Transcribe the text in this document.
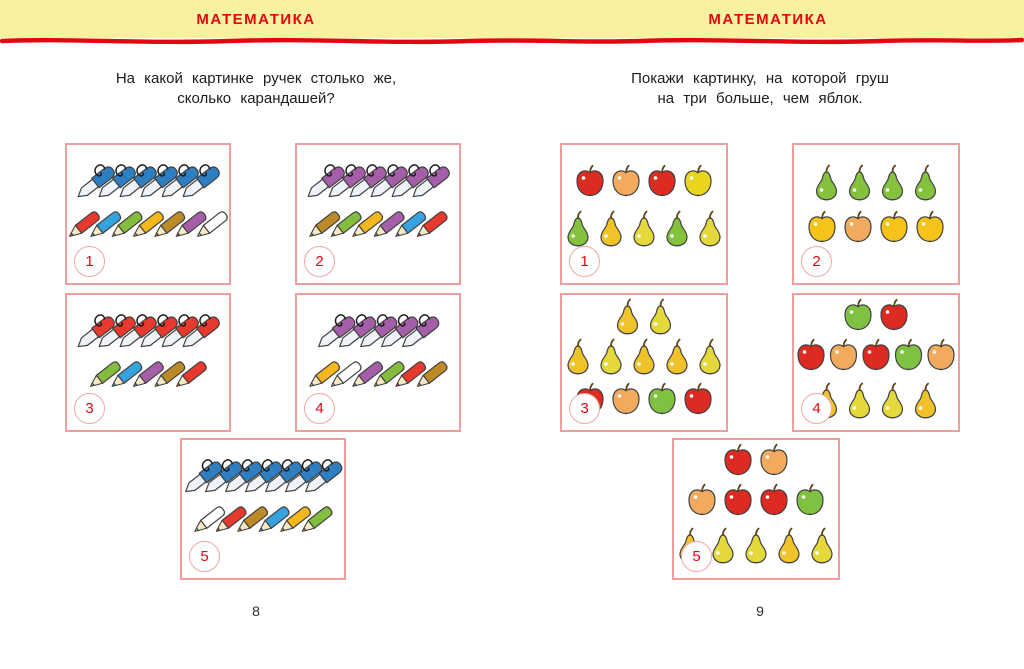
МАТЕМАТИКА	МАТЕМАТИКА
На какой картинке ручек столько же,
сколько карандашей?
Покажи картинку, на которой груш
на три больше, чем яблок.
1	2
3	4
5
1	2
3	4
5
8	9
